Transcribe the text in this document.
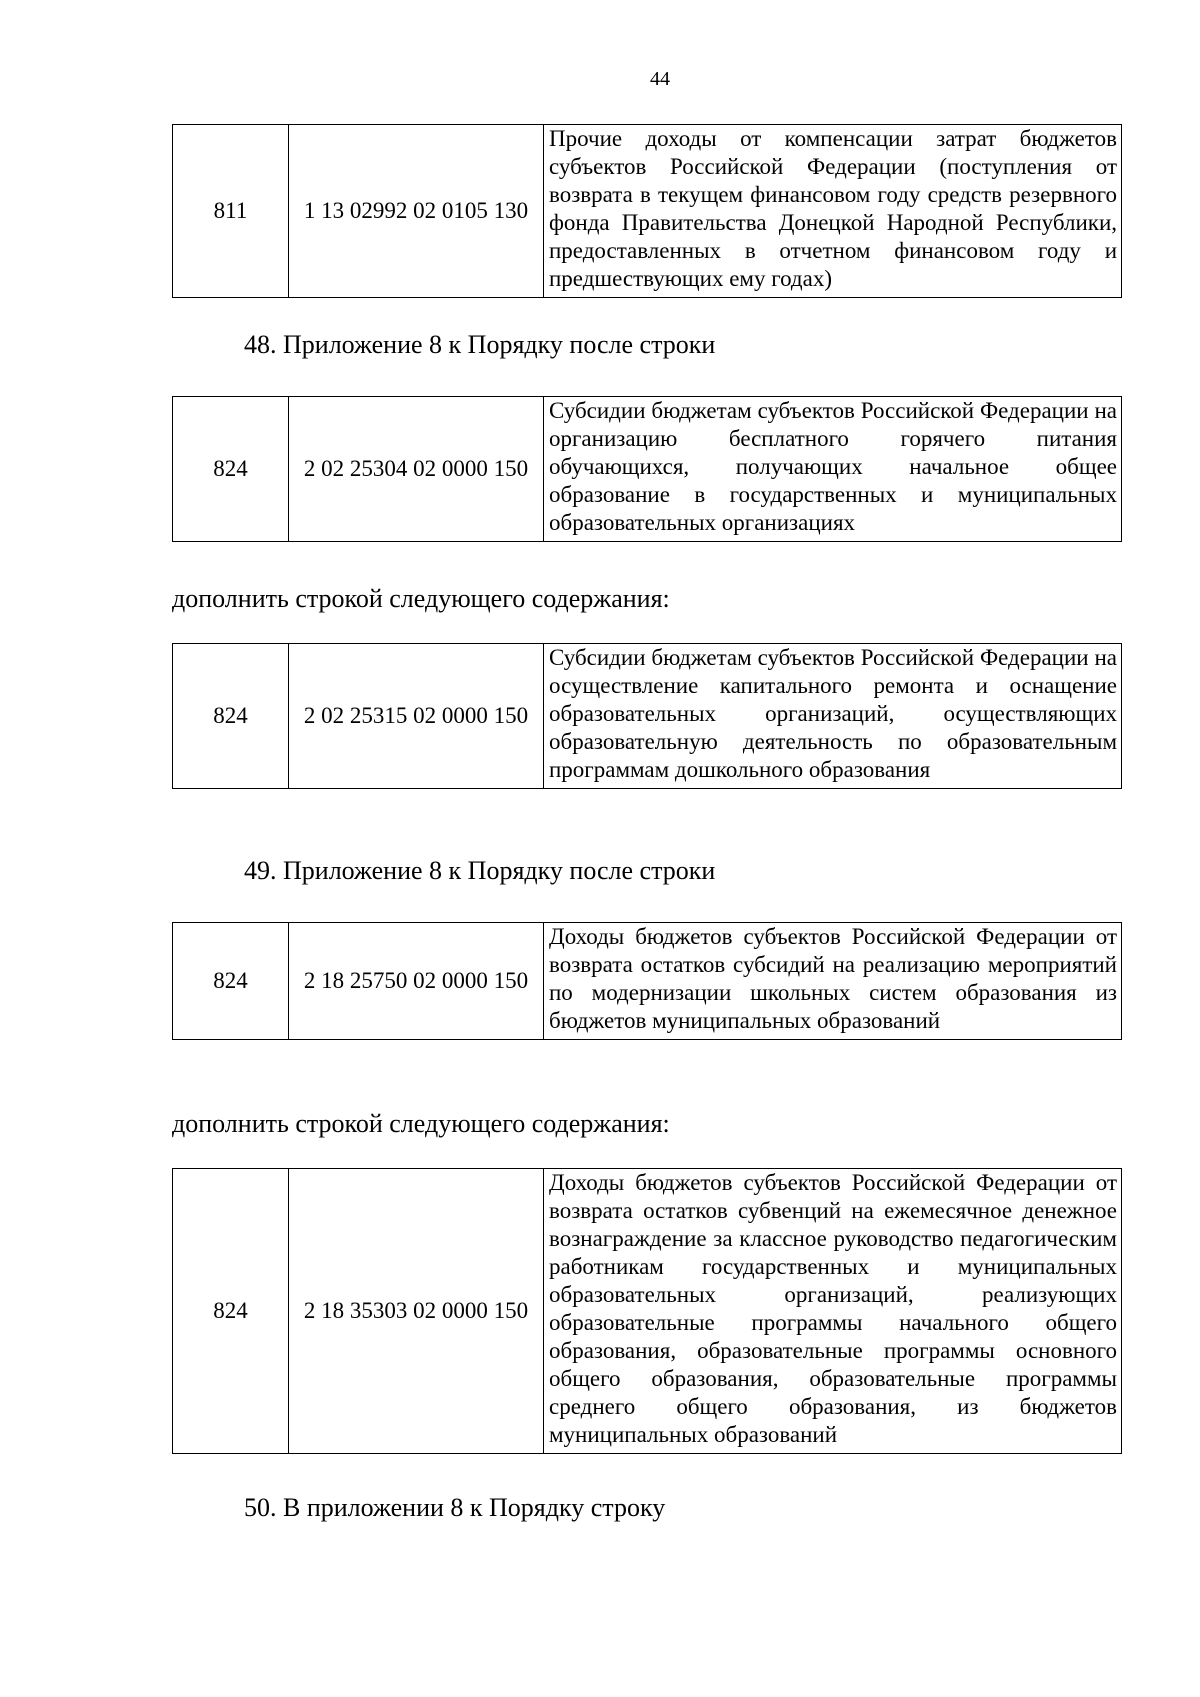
44
811	1 13 02992 02 0105 130	Прочие доходы от компенсации затрат бюджетов субъектов Российской Федерации (поступления от возврата в текущем финансовом году средств резервного фонда Правительства Донецкой Народной Республики, предоставленных в отчетном финансовом году и предшествующих ему годах)
48. Приложение 8 к Порядку после строки
824	2 02 25304 02 0000 150	Субсидии бюджетам субъектов Российской Федерации на организацию бесплатного горячего питания обучающихся, получающих начальное общее образование в государственных и муниципальных образовательных организациях
дополнить строкой следующего содержания:
824	2 02 25315 02 0000 150	Субсидии бюджетам субъектов Российской Федерации на осуществление капитального ремонта и оснащение образовательных организаций, осуществляющих образовательную деятельность по образовательным программам дошкольного образования
49. Приложение 8 к Порядку после строки
824	2 18 25750 02 0000 150	Доходы бюджетов субъектов Российской Федерации от возврата остатков субсидий на реализацию мероприятий по модернизации школьных систем образования из бюджетов муниципальных образований
дополнить строкой следующего содержания:
824	2 18 35303 02 0000 150	Доходы бюджетов субъектов Российской Федерации от возврата остатков субвенций на ежемесячное денежное вознаграждение за классное руководство педагогическим работникам государственных и муниципальных образовательных организаций, реализующих образовательные программы начального общего образования, образовательные программы основного общего образования, образовательные программы среднего общего образования, из бюджетов муниципальных образований
50. В приложении 8 к Порядку строку
